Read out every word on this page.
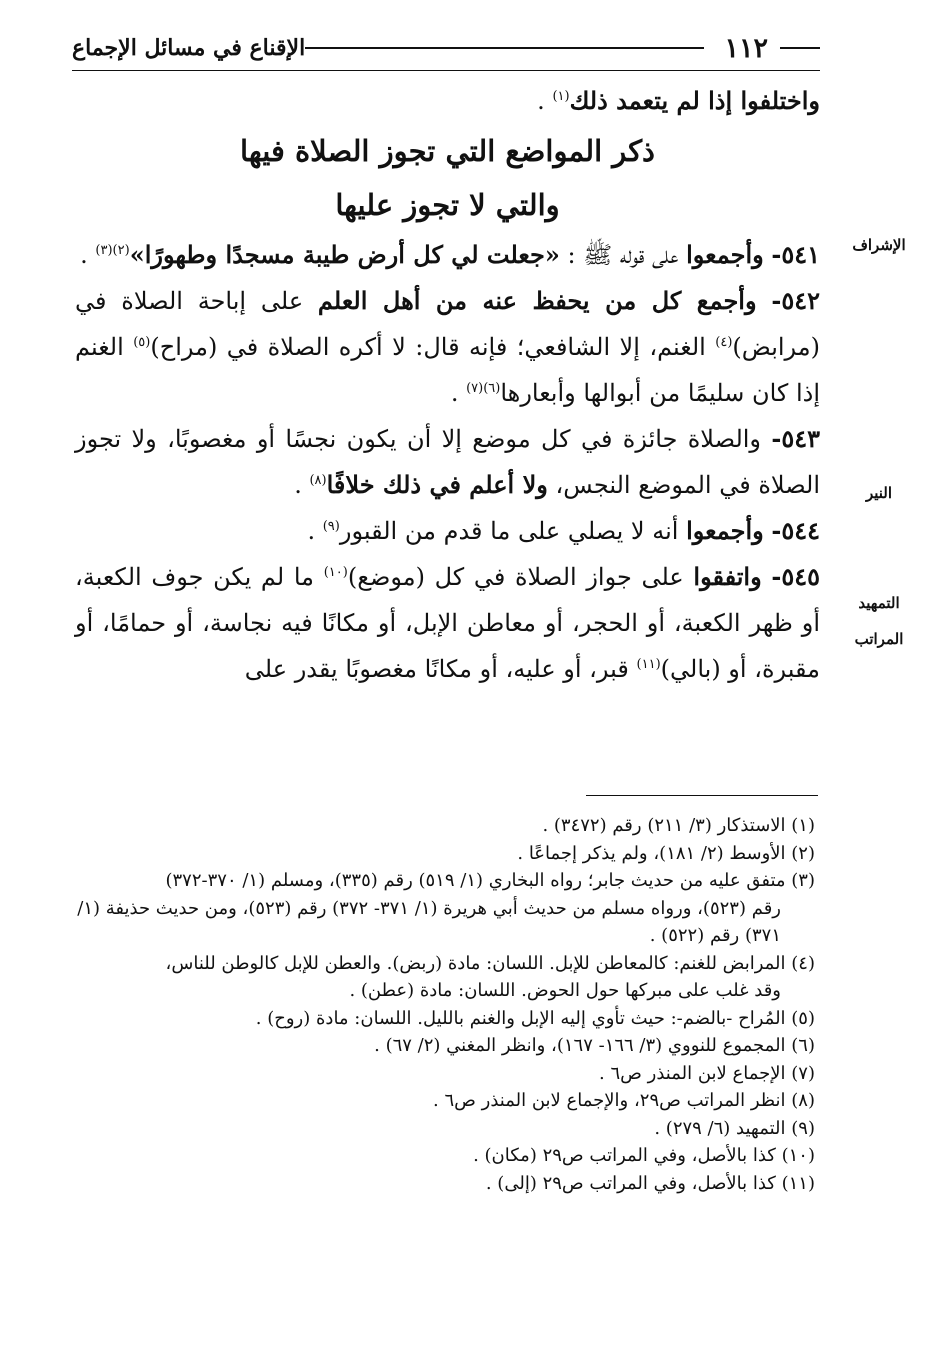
١١٢
الإقناع في مسائل الإجماع

واختلفوا إذا لم يتعمد ذلك$^{(١)}$ .

ذكر المواضع التي تجوز الصلاة فيها

والتي لا تجوز عليها

٥٤١- وأجمعوا على قوله ﷺ : «جعلت لي كل أرض طيبة مسجدًا وطهورًا»$^{(٢)(٣)}$ .

٥٤٢- وأجمع كل من يحفظ عنه من أهل العلم على إباحة الصلاة في (مرابض)$^{(٤)}$ الغنم، إلا الشافعي؛ فإنه قال: لا أكره الصلاة في (مراح)$^{(٥)}$ الغنم إذا كان سليمًا من أبوالها وأبعارها$^{(٦)(٧)}$ .

٥٤٣- والصلاة جائزة في كل موضع إلا أن يكون نجسًا أو مغصوبًا، ولا تجوز الصلاة في الموضع النجس، ولا أعلم في ذلك خلافًا$^{(٨)}$ .

٥٤٤- وأجمعوا أنه لا يصلي على ما قدم من القبور$^{(٩)}$ .

٥٤٥- واتفقوا على جواز الصلاة في كل (موضع)$^{(١٠)}$ ما لم يكن جوف الكعبة، أو ظهر الكعبة، أو الحجر، أو معاطن الإبل، أو مكانًا فيه نجاسة، أو حمامًا، أو مقبرة، أو (بالي)$^{(١١)}$ قبر، أو عليه، أو مكانًا مغصوبًا يقدر على

الإشراف
النير
التمهيد
المراتب

(١) الاستذكار (٣/ ٢١١) رقم (٣٤٧٢) .

(٢) الأوسط (٢/ ١٨١)، ولم يذكر إجماعًا .

(٣) متفق عليه من حديث جابر؛ رواه البخاري (١/ ٥١٩) رقم (٣٣٥)، ومسلم (١/ ٣٧٠-٣٧٢)

رقم (٥٢٣)، ورواه مسلم من حديث أبي هريرة (١/ ٣٧١- ٣٧٢) رقم (٥٢٣)، ومن حديث حذيفة (١/ ٣٧١) رقم (٥٢٢) .

(٤) المرابض للغنم: كالمعاطن للإبل. اللسان: مادة (ربض). والعطن للإبل كالوطن للناس،

وقد غلب على مبركها حول الحوض. اللسان: مادة (عطن) .

(٥) المُراح -بالضم-: حيث تأوي إليه الإبل والغنم بالليل. اللسان: مادة (روح) .

(٦) المجموع للنووي (٣/ ١٦٦- ١٦٧)، وانظر المغني (٢/ ٦٧) .

(٧) الإجماع لابن المنذر ص٦ .

(٨) انظر المراتب ص٢٩، والإجماع لابن المنذر ص٦ .

(٩) التمهيد (٦/ ٢٧٩) .

(١٠) كذا بالأصل، وفي المراتب ص٢٩ (مكان) .

(١١) كذا بالأصل، وفي المراتب ص٢٩ (إلى) .
